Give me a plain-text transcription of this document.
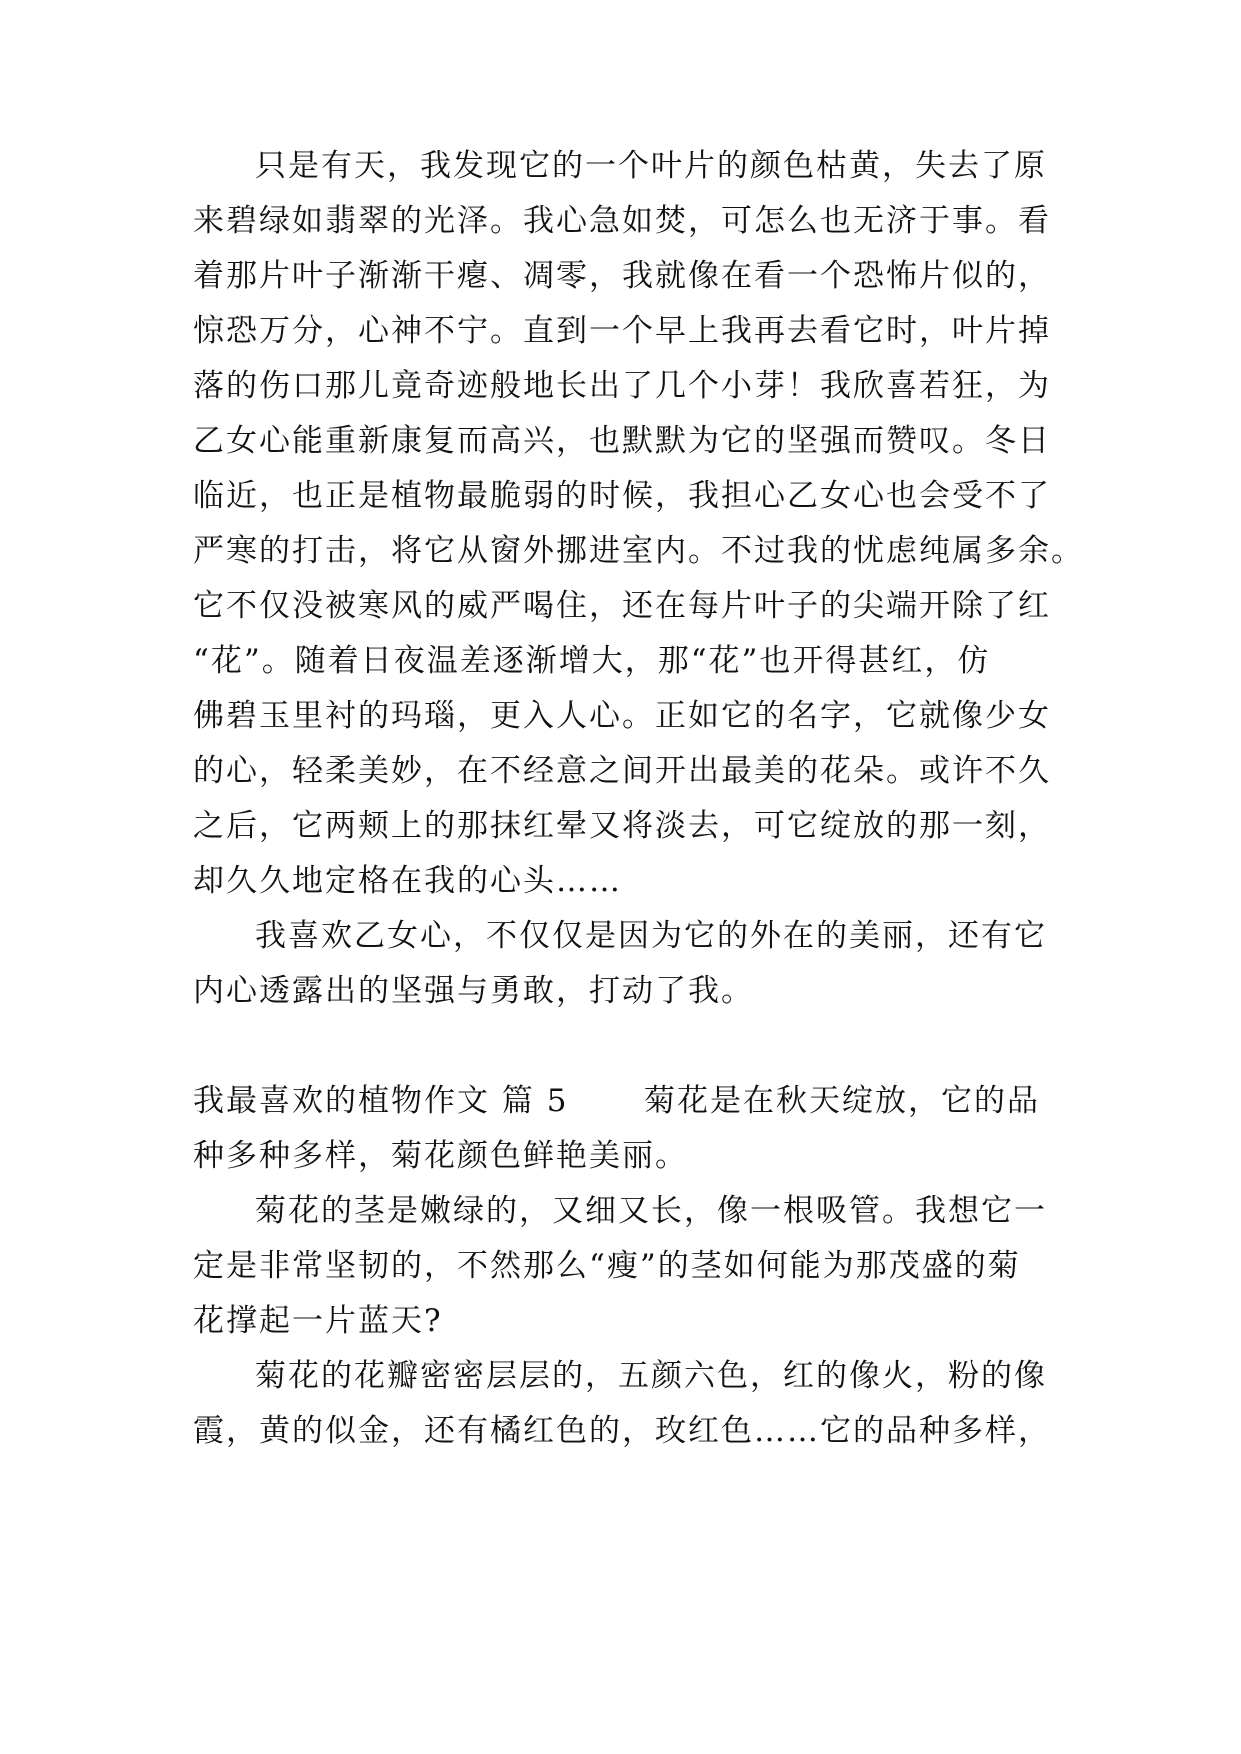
只是有天，我发现它的一个叶片的颜色枯黄，失去了原
来碧绿如翡翠的光泽。我心急如焚，可怎么也无济于事。看
着那片叶子渐渐干瘪、凋零，我就像在看一个恐怖片似的，
惊恐万分，心神不宁。直到一个早上我再去看它时，叶片掉
落的伤口那儿竟奇迹般地长出了几个小芽！我欣喜若狂，为
乙女心能重新康复而高兴，也默默为它的坚强而赞叹。冬日
临近，也正是植物最脆弱的时候，我担心乙女心也会受不了
严寒的打击，将它从窗外挪进室内。不过我的忧虑纯属多余。
它不仅没被寒风的威严喝住，还在每片叶子的尖端开除了红
“花”。随着日夜温差逐渐增大，那“花”也开得甚红，仿
佛碧玉里衬的玛瑙，更入人心。正如它的名字，它就像少女
的心，轻柔美妙，在不经意之间开出最美的花朵。或许不久
之后，它两颊上的那抹红晕又将淡去，可它绽放的那一刻，
却久久地定格在我的心头……
我喜欢乙女心，不仅仅是因为它的外在的美丽，还有它
内心透露出的坚强与勇敢，打动了我。
我最喜欢的植物作文 篇 5 菊花是在秋天绽放，它的品
种多种多样，菊花颜色鲜艳美丽。
菊花的茎是嫩绿的，又细又长，像一根吸管。我想它一
定是非常坚韧的，不然那么“瘦”的茎如何能为那茂盛的菊
花撑起一片蓝天?
菊花的花瓣密密层层的，五颜六色，红的像火，粉的像
霞，黄的似金，还有橘红色的，玫红色……它的品种多样，
